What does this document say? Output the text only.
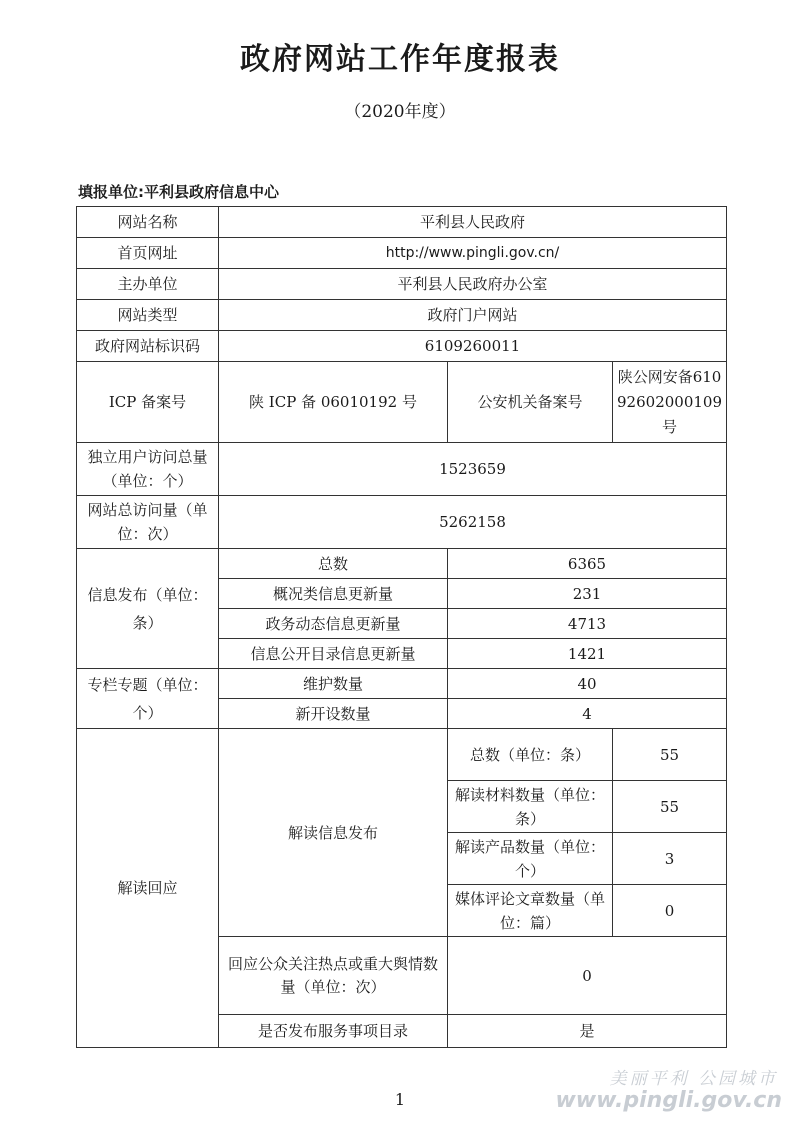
政府网站工作年度报表
（2020年度）
填报单位:平利县政府信息中心
网站名称	平利县人民政府		
首页网址	http://www.pingli.gov.cn/		
主办单位	平利县人民政府办公室		
网站类型	政府门户网站		
政府网站标识码	6109260011		
ICP 备案号	陕 ICP 备 06010192 号	公安机关备案号	陕公网安备61092602000109号
独立用户访问总量（单位：个）	1523659		
网站总访问量（单位：次）	5262158		
信息发布（单位：条）	总数	6365	
	概况类信息更新量	231	
	政务动态信息更新量	4713	
	信息公开目录信息更新量	1421	
专栏专题（单位：个）	维护数量	40	
	新开设数量	4	
解读回应	解读信息发布	总数（单位：条）	55
		解读材料数量（单位：条）	55
		解读产品数量（单位：个）	3
		媒体评论文章数量（单位：篇）	0
	回应公众关注热点或重大舆情数量（单位：次）	0	
	是否发布服务事项目录	是	
美丽平利 公园城市
www.pingli.gov.cn
1
